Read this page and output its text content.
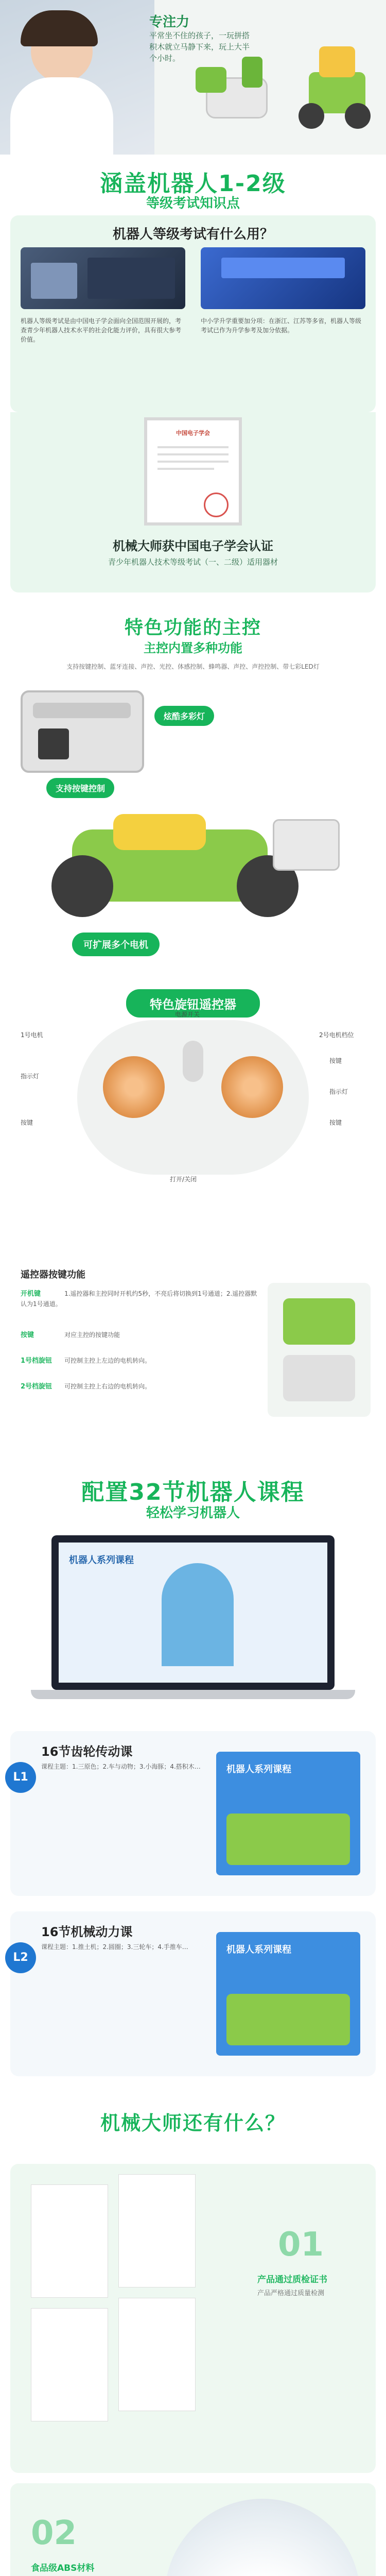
专注力
平常坐不住的孩子，一玩拼搭积木就立马静下来，玩上大半个小时。
涵盖机器人1-2级
等级考试知识点
机器人等级考试有什么用？
机器人等级考试是由中国电子学会面向全国范围开展的，考查青少年机器人技术水平的社会化能力评价，具有很大参考价值。
中小学升学重要加分项：在浙江、江苏等多省，机器人等级考试已作为升学参考及加分依据。
中国电子学会
机械大师获中国电子学会认证
青少年机器人技术等级考试（一、二级）适用器材
特色功能的主控
主控内置多种功能
支持按键控制、蓝牙连接、声控、光控、体感控制、蜂鸣器、声控、声控控制、带七彩LED灯
炫酷多彩灯
支持按键控制
可扩展多个电机
特色旋钮遥控器
1号电机
指示灯
按键
2号电机档位
按键
指示灯
按键
电源开关
打开/关闭
遥控器按键功能
开机键	1.遥控器和主控同时开机约5秒，不亮后将切换到1号通道；2.遥控器默认为1号通道。
按键	对应主控的按键功能
1号档旋钮 可控制主控上左边的电机转向。
2号档旋钮 可控制主控上右边的电机转向。
配置32节机器人课程
轻松学习机器人
机器人系列课程
L1
16节齿轮传动课
课程主题：1.三原色；2.车与动物；3.小海豚；4.搭积木…	机器人系列课程
L2
16节机械动力课
课程主题：1.推土机；2.圆圈；3.三轮车；4.手推车…	机器人系列课程
机械大师还有什么？
01
产品通过质检证书
产品严格通过质量检测
02
食品级ABS材料
